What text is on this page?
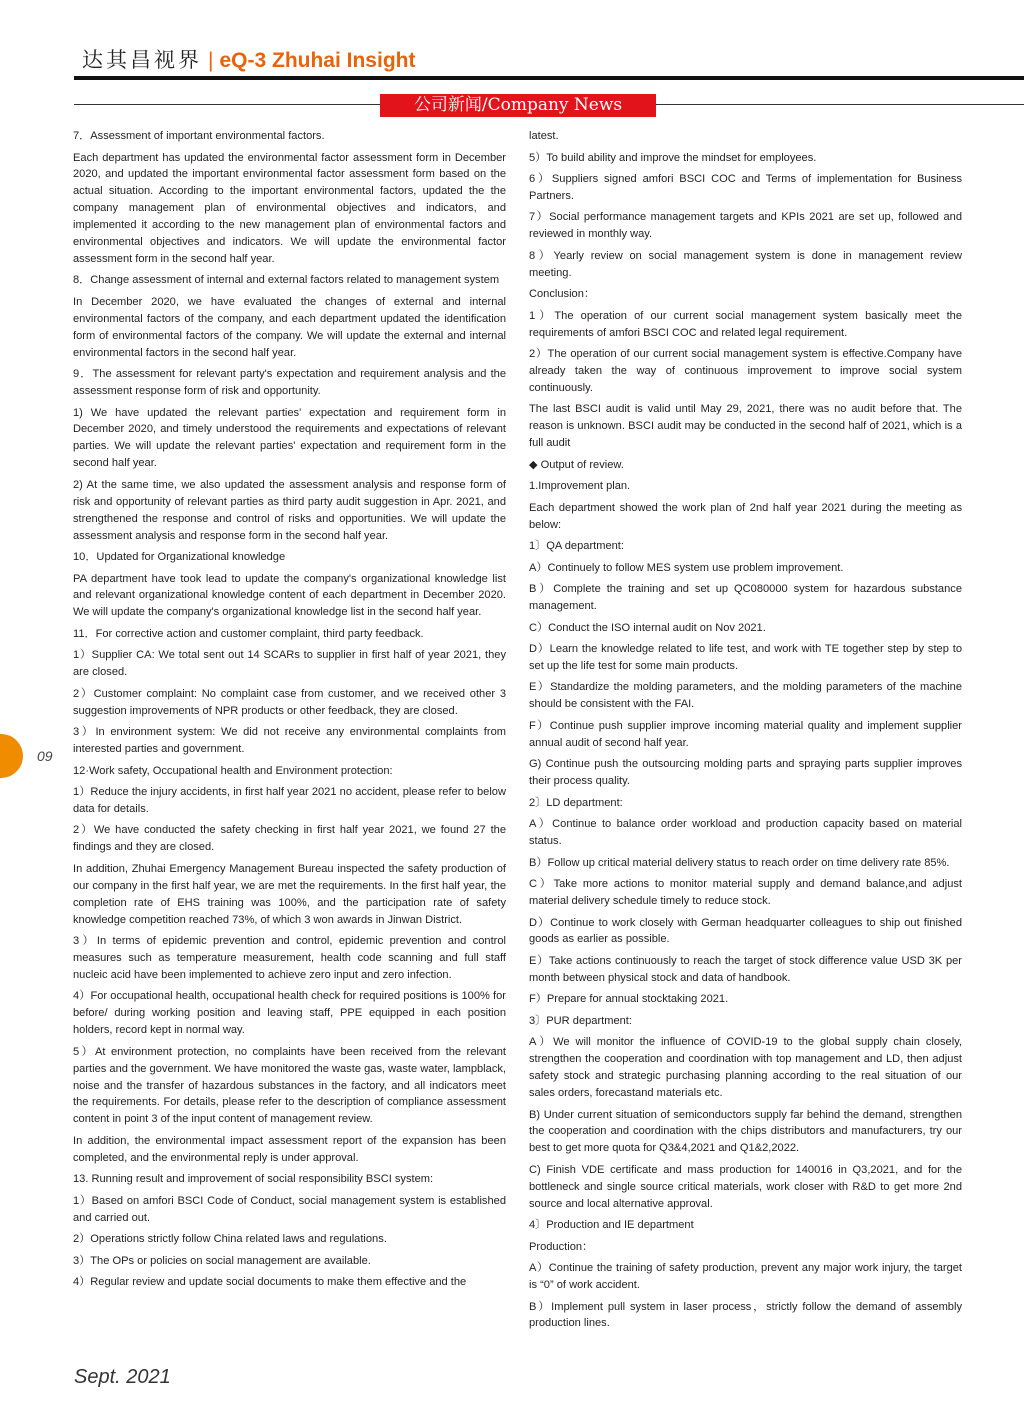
达其昌视界 | eQ-3 Zhuhai Insight
公司新闻/Company News

7．Assessment of important environmental factors.

Each department has updated the environmental factor assessment form in December 2020, and updated the important environmental factor assessment form based on the actual situation. According to the important environmental factors, updated the the company management plan of environmental objectives and indicators, and implemented it according to the new management plan of environmental factors and environmental objectives and indicators. We will update the environmental factor assessment form in the second half year.

8．Change assessment of internal and external factors related to management system

In December 2020, we have evaluated the changes of external and internal environmental factors of the company, and each department updated the identification form of environmental factors of the company. We will update the external and internal environmental factors in the second half year.

9．The assessment for relevant party's expectation and requirement analysis and the assessment response form of risk and opportunity.

1) We have updated the relevant parties' expectation and requirement form in December 2020, and timely understood the requirements and expectations of relevant parties. We will update the relevant parties' expectation and requirement form in the second half year.

2) At the same time, we also updated the assessment analysis and response form of risk and opportunity of relevant parties as third party audit suggestion in Apr. 2021, and strengthened the response and control of risks and opportunities. We will update the assessment analysis and response form in the second half year.

10．Updated for Organizational knowledge

PA department have took lead to update the company's organizational knowledge list and relevant organizational knowledge content of each department in December 2020. We will update the company's organizational knowledge list in the second half year.

11．For corrective action and customer complaint, third party feedback.

1）Supplier CA: We total sent out 14 SCARs to supplier in first half of year 2021, they are closed.

2）Customer complaint: No complaint case from customer, and we received other 3 suggestion improvements of NPR products or other feedback, they are closed.

3）In environment system: We did not receive any environmental complaints from interested parties and government.

12·Work safety, Occupational health and Environment protection:

1）Reduce the injury accidents, in first half year 2021 no accident, please refer to below data for details.

2）We have conducted the safety checking in first half year 2021, we found 27 the findings and they are closed.

In addition, Zhuhai Emergency Management Bureau inspected the safety production of our company in the first half year, we are met the requirements. In the first half year, the completion rate of EHS training was 100%, and the participation rate of safety knowledge competition reached 73%, of which 3 won awards in Jinwan District.

3）In terms of epidemic prevention and control, epidemic prevention and control measures such as temperature measurement, health code scanning and full staff nucleic acid have been implemented to achieve zero input and zero infection.

4）For occupational health, occupational health check for required positions is 100% for before/ during working position and leaving staff, PPE equipped in each position holders, record kept in normal way.

5）At environment protection, no complaints have been received from the relevant parties and the government. We have monitored the waste gas, waste water, lampblack, noise and the transfer of hazardous substances in the factory, and all indicators meet the requirements. For details, please refer to the description of compliance assessment content in point 3 of the input content of management review.

In addition, the environmental impact assessment report of the expansion has been completed, and the environmental reply is under approval.

13. Running result and improvement of social responsibility BSCI system:

1）Based on amfori BSCI Code of Conduct, social management system is established and carried out.

2）Operations strictly follow China related laws and regulations.

3）The OPs or policies on social management are available.

4）Regular review and update social documents to make them effective and the

latest.

5）To build ability and improve the mindset for employees.

6）Suppliers signed amfori BSCI COC and Terms of implementation for Business Partners.

7）Social performance management targets and KPIs 2021 are set up, followed and reviewed in monthly way.

8）Yearly review on social management system is done in management review meeting.

Conclusion：

1）The operation of our current social management system basically meet the requirements of amfori BSCI COC and related legal requirement.

2）The operation of our current social management system is effective.Company have already taken the way of continuous improvement to improve social system continuously.

The last BSCI audit is valid until May 29, 2021, there was no audit before that. The reason is unknown. BSCI audit may be conducted in the second half of 2021, which is a full audit

◆ Output of review.

1.Improvement plan.

Each department showed the work plan of 2nd half year 2021 during the meeting as below:

1〕QA department:

A）Continuely to follow MES system use problem improvement.

B）Complete the training and set up QC080000 system for hazardous substance management.

C）Conduct the ISO internal audit on Nov 2021.

D）Learn the knowledge related to life test, and work with TE together step by step to set up the life test for some main products.

E）Standardize the molding parameters, and the molding parameters of the machine should be consistent with the FAI.

F）Continue push supplier improve incoming material quality and implement supplier annual audit of second half year.

G) Continue push the outsourcing molding parts and spraying parts supplier improves their process quality.

2〕LD department:

A）Continue to balance order workload and production capacity based on material status.

B）Follow up critical material delivery status to reach order on time delivery rate 85%.

C）Take more actions to monitor material supply and demand balance,and adjust material delivery schedule timely to reduce stock.

D）Continue to work closely with German headquarter colleagues to ship out finished goods as earlier as possible.

E）Take actions continuously to reach the target of stock difference value USD 3K per month between physical stock and data of handbook.

F）Prepare for annual stocktaking 2021.

3〕PUR department:

A）We will monitor the influence of COVID-19 to the global supply chain closely, strengthen the cooperation and coordination with top management and LD, then adjust safety stock and strategic purchasing planning according to the real situation of our sales orders, forecastand materials etc.

B) Under current situation of semiconductors supply far behind the demand, strengthen the cooperation and coordination with the chips distributors and manufacturers, try our best to get more quota for Q3&4,2021 and Q1&2,2022.

C) Finish VDE certificate and mass production for 140016 in Q3,2021, and for the bottleneck and single source critical materials, work closer with R&D to get more 2nd source and local alternative approval.

4〕Production and IE department

Production：

A）Continue the training of safety production, prevent any major work injury, the target is “0” of work accident.

B）Implement pull system in laser process，strictly follow the demand of assembly production lines.

09
Sept. 2021
